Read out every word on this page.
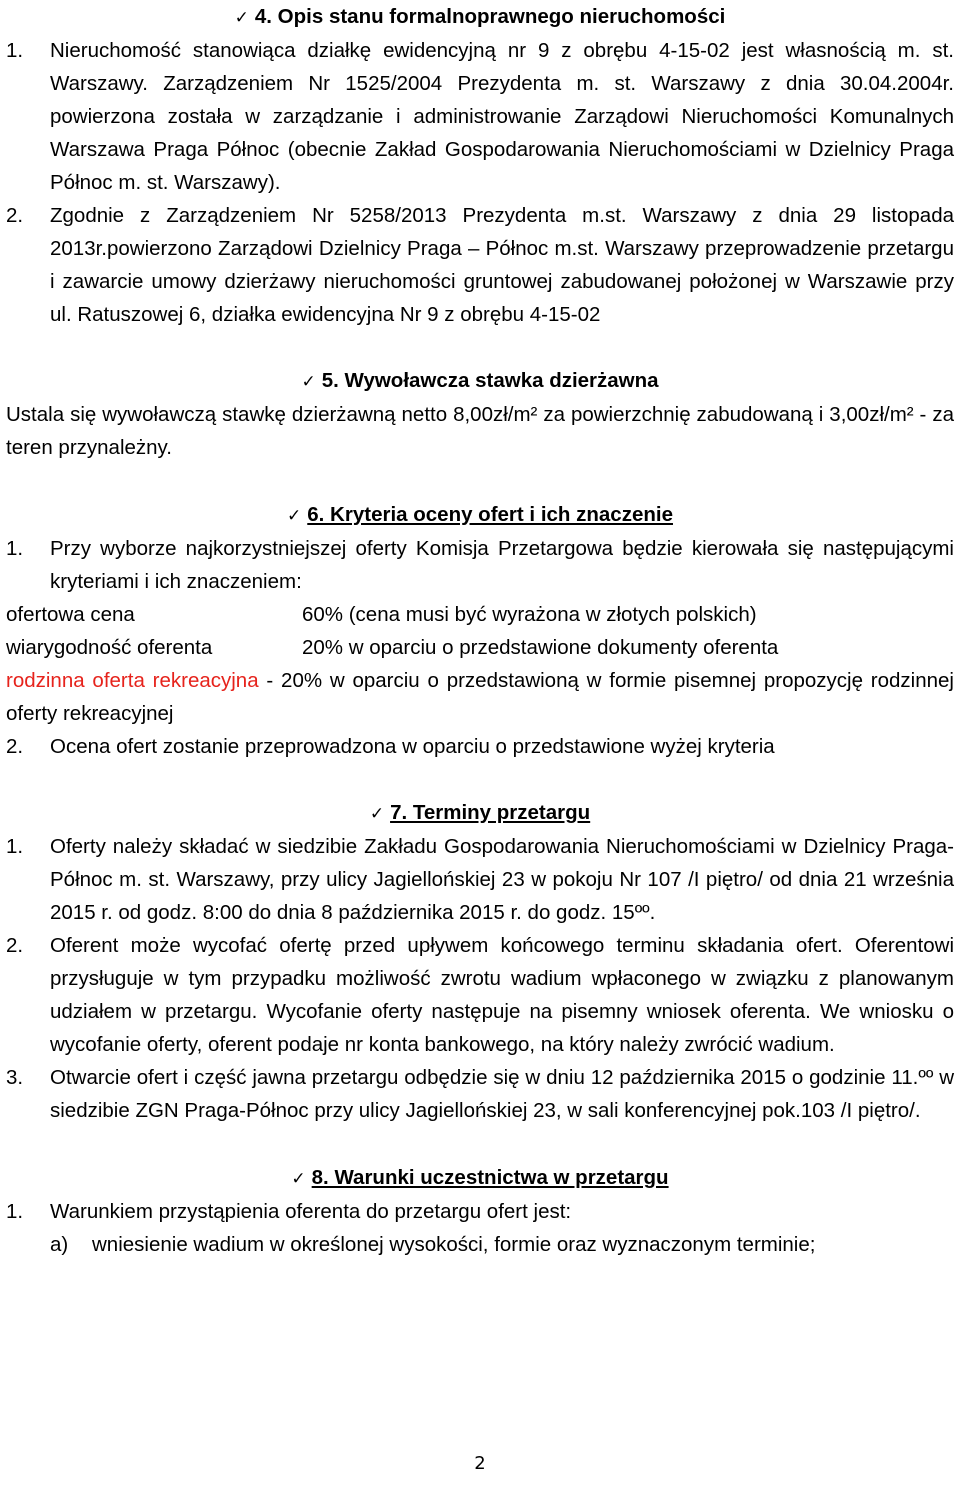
✓ 4. Opis stanu formalnoprawnego nieruchomości
1.	Nieruchomość stanowiąca działkę ewidencyjną nr 9 z obrębu 4-15-02 jest własnością m. st. Warszawy. Zarządzeniem Nr 1525/2004 Prezydenta m. st. Warszawy z dnia 30.04.2004r. powierzona została w zarządzanie i administrowanie Zarządowi Nieruchomości Komunalnych Warszawa Praga Północ (obecnie Zakład Gospodarowania Nieruchomościami w Dzielnicy Praga Północ m. st. Warszawy).
2.	Zgodnie z Zarządzeniem Nr 5258/2013 Prezydenta m.st. Warszawy z dnia 29 listopada 2013r.powierzono Zarządowi Dzielnicy Praga – Północ m.st. Warszawy przeprowadzenie przetargu i zawarcie umowy dzierżawy nieruchomości gruntowej zabudowanej położonej w Warszawie przy ul. Ratuszowej 6, działka ewidencyjna Nr 9 z obrębu 4-15-02
✓ 5. Wywoławcza stawka dzierżawna

Ustala się wywoławczą stawkę dzierżawną netto 8,00zł/m² za powierzchnię zabudowaną i 3,00zł/m² - za teren przynależny.

✓ 6. Kryteria oceny ofert i ich znaczenie
1.	Przy wyborze najkorzystniejszej oferty Komisja Przetargowa będzie kierowała się następującymi kryteriami i ich znaczeniem:
ofertowa cena	60% (cena musi być wyrażona w złotych polskich)
wiarygodność oferenta	20% w oparciu o przedstawione dokumenty oferenta

rodzinna oferta rekreacyjna - 20% w oparciu o przedstawioną w formie pisemnej propozycję rodzinnej oferty rekreacyjnej

2.	Ocena ofert zostanie przeprowadzona w oparciu o przedstawione wyżej kryteria
✓ 7. Terminy przetargu
1.	Oferty należy składać w siedzibie Zakładu Gospodarowania Nieruchomościami w Dzielnicy Praga-Północ m. st. Warszawy, przy ulicy Jagiellońskiej 23 w pokoju Nr 107 /I piętro/ od dnia 21 września 2015 r. od godz. 8:00 do dnia 8 października 2015 r. do godz. 15ºº.
2.	Oferent może wycofać ofertę przed upływem końcowego terminu składania ofert. Oferentowi przysługuje w tym przypadku możliwość zwrotu wadium wpłaconego w związku z planowanym udziałem w przetargu. Wycofanie oferty następuje na pisemny wniosek oferenta. We wniosku o wycofanie oferty, oferent podaje nr konta bankowego, na który należy zwrócić wadium.
3.	Otwarcie ofert i część jawna przetargu odbędzie się w dniu 12 października 2015 o godzinie 11.ºº w siedzibie ZGN Praga-Północ przy ulicy Jagiellońskiej 23, w sali konferencyjnej pok.103 /I piętro/.
✓ 8. Warunki uczestnictwa w przetargu
1.	Warunkiem przystąpienia oferenta do przetargu ofert jest:
a)	wniesienie wadium w określonej wysokości, formie oraz wyznaczonym terminie;
2
